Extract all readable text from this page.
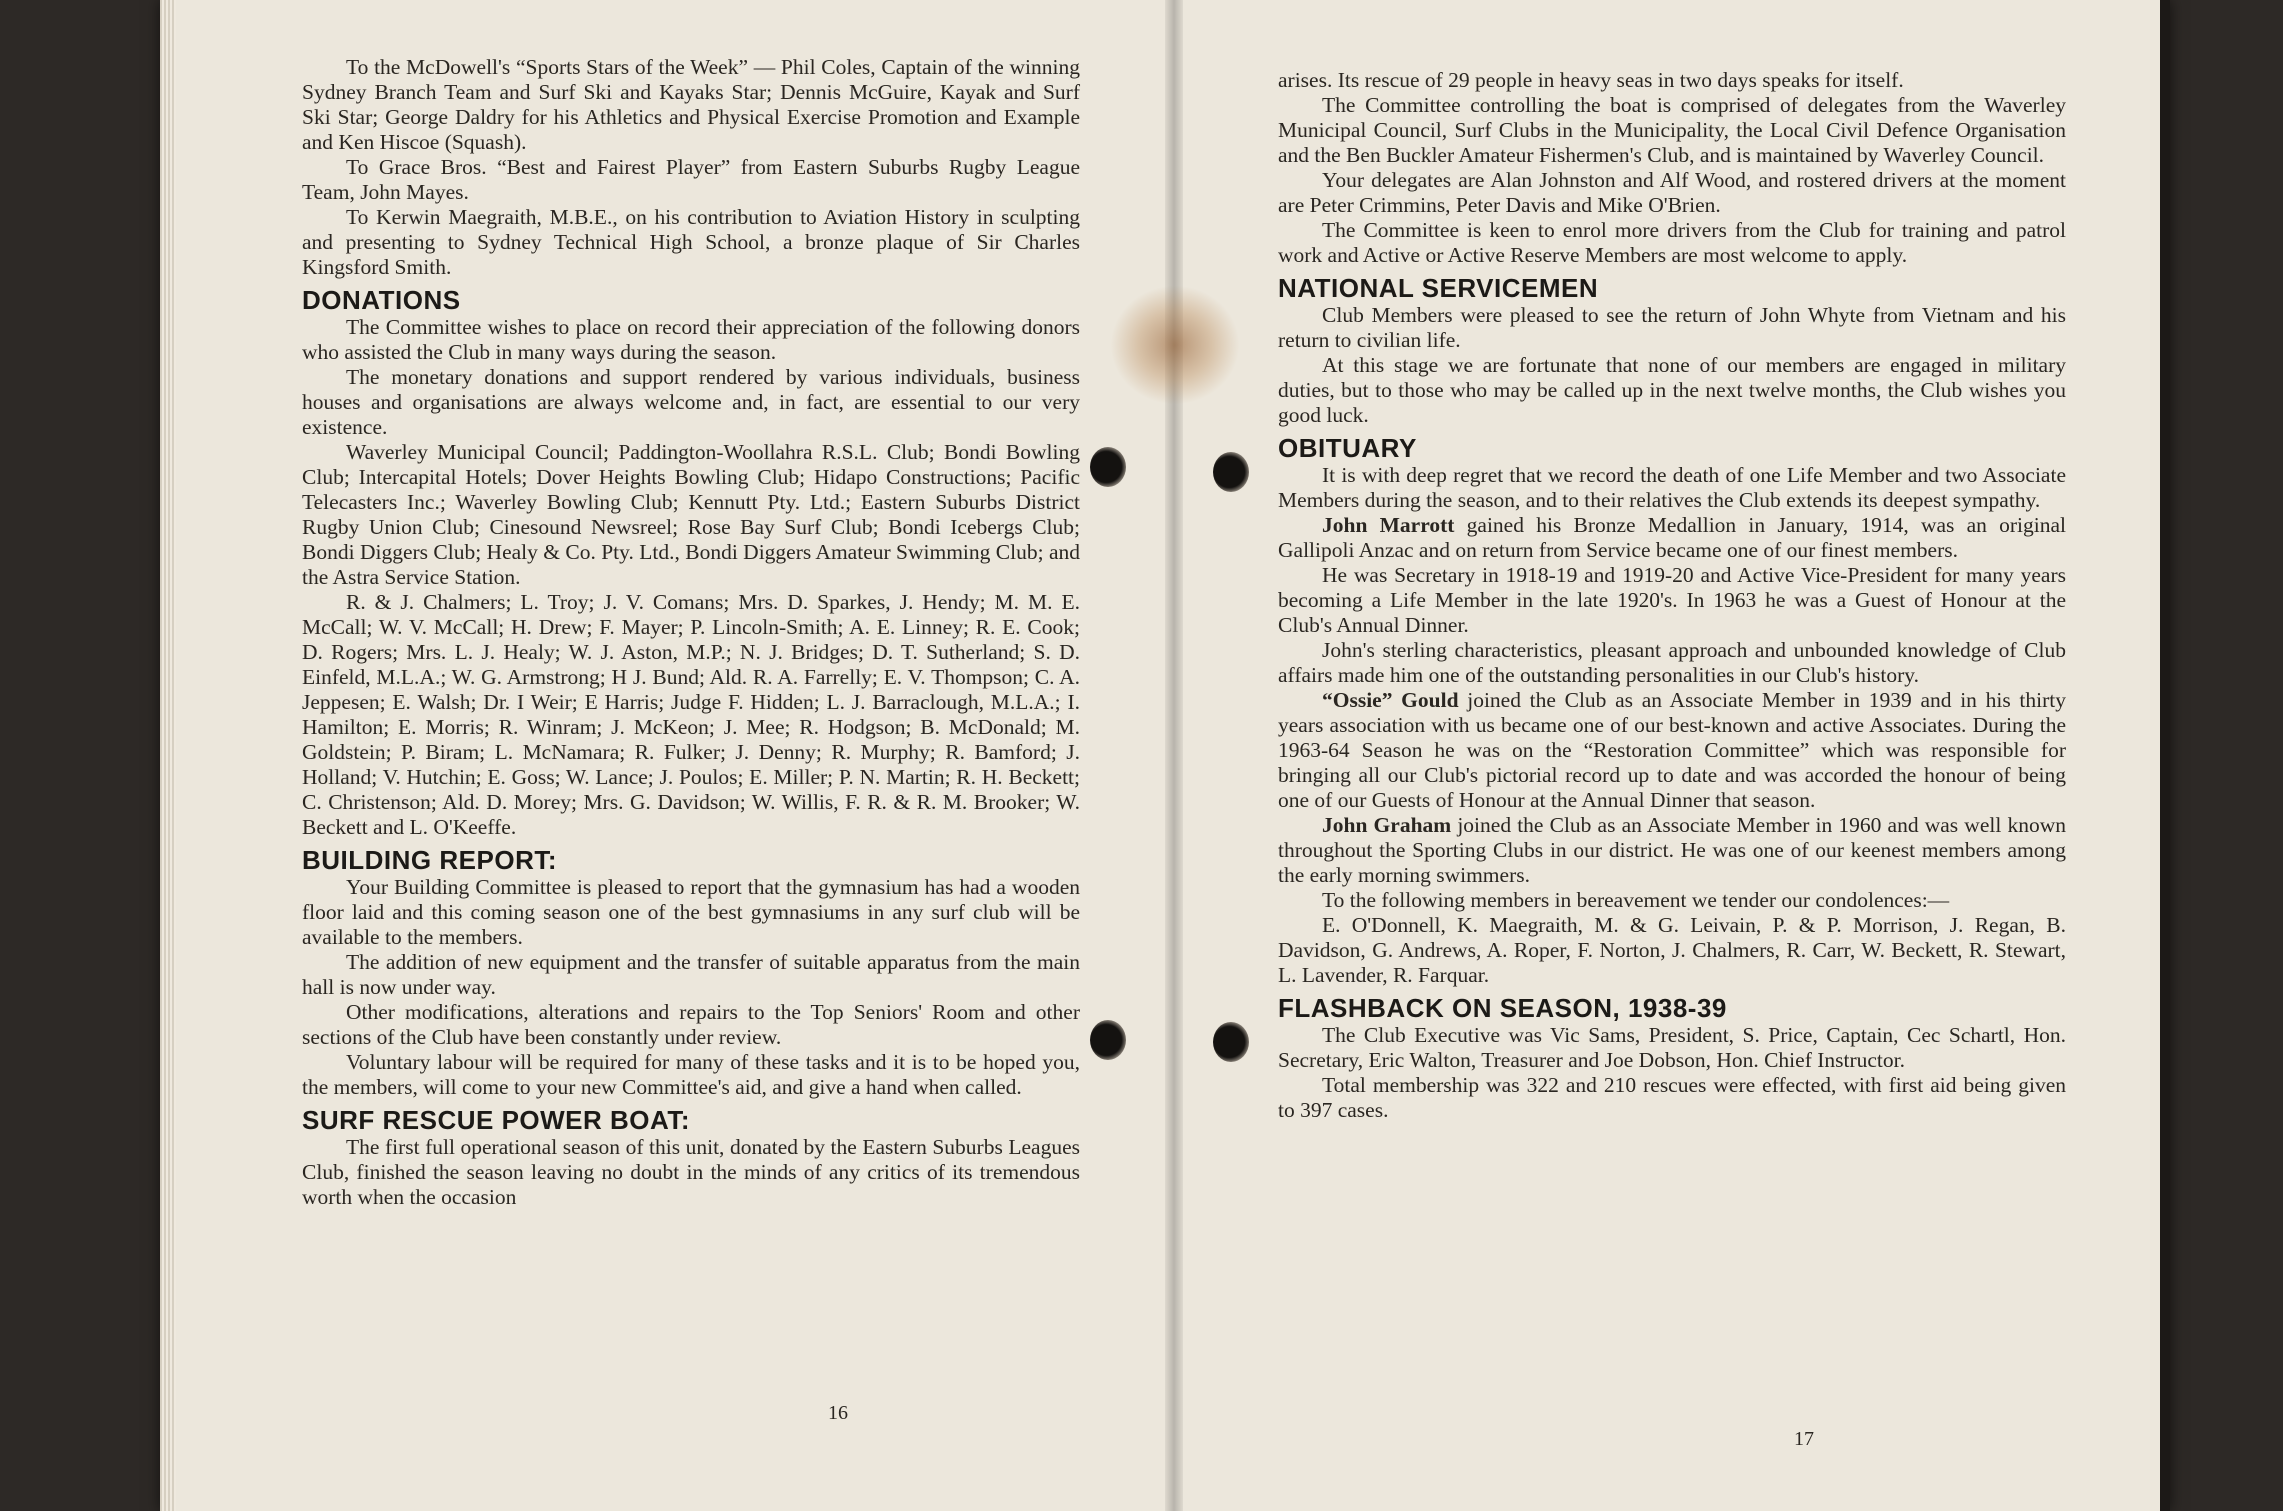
To the McDowell's “Sports Stars of the Week” — Phil Coles, Captain of the winning Sydney Branch Team and Surf Ski and Kayaks Star; Dennis McGuire, Kayak and Surf Ski Star; George Daldry for his Athletics and Physical Exercise Promotion and Example and Ken Hiscoe (Squash).

To Grace Bros. “Best and Fairest Player” from Eastern Suburbs Rugby League Team, John Mayes.

To Kerwin Maegraith, M.B.E., on his contribution to Aviation History in sculpting and presenting to Sydney Technical High School, a bronze plaque of Sir Charles Kingsford Smith.

DONATIONS

The Committee wishes to place on record their appreciation of the following donors who assisted the Club in many ways during the season.

The monetary donations and support rendered by various individuals, business houses and organisations are always welcome and, in fact, are essential to our very existence.

Waverley Municipal Council; Paddington-Woollahra R.S.L. Club; Bondi Bowling Club; Intercapital Hotels; Dover Heights Bowling Club; Hidapo Constructions; Pacific Telecasters Inc.; Waverley Bowling Club; Kennutt Pty. Ltd.; Eastern Suburbs District Rugby Union Club; Cinesound Newsreel; Rose Bay Surf Club; Bondi Icebergs Club; Bondi Diggers Club; Healy & Co. Pty. Ltd., Bondi Diggers Amateur Swimming Club; and the Astra Service Station.

R. & J. Chalmers; L. Troy; J. V. Comans; Mrs. D. Sparkes, J. Hendy; M. M. E. McCall; W. V. McCall; H. Drew; F. Mayer; P. Lincoln-Smith; A. E. Linney; R. E. Cook; D. Rogers; Mrs. L. J. Healy; W. J. Aston, M.P.; N. J. Bridges; D. T. Sutherland; S. D. Einfeld, M.L.A.; W. G. Armstrong; H J. Bund; Ald. R. A. Farrelly; E. V. Thompson; C. A. Jeppesen; E. Walsh; Dr. I Weir; E Harris; Judge F. Hidden; L. J. Barraclough, M.L.A.; I. Hamilton; E. Morris; R. Winram; J. McKeon; J. Mee; R. Hodgson; B. McDonald; M. Goldstein; P. Biram; L. McNamara; R. Fulker; J. Denny; R. Murphy; R. Bamford; J. Holland; V. Hutchin; E. Goss; W. Lance; J. Poulos; E. Miller; P. N. Martin; R. H. Beckett; C. Christenson; Ald. D. Morey; Mrs. G. Davidson; W. Willis, F. R. & R. M. Brooker; W. Beckett and L. O'Keeffe.

BUILDING REPORT:

Your Building Committee is pleased to report that the gymnasium has had a wooden floor laid and this coming season one of the best gymnasiums in any surf club will be available to the members.

The addition of new equipment and the transfer of suitable apparatus from the main hall is now under way.

Other modifications, alterations and repairs to the Top Seniors' Room and other sections of the Club have been constantly under review.

Voluntary labour will be required for many of these tasks and it is to be hoped you, the members, will come to your new Committee's aid, and give a hand when called.

SURF RESCUE POWER BOAT:

The first full operational season of this unit, donated by the Eastern Suburbs Leagues Club, finished the season leaving no doubt in the minds of any critics of its tremendous worth when the occasion

16

arises. Its rescue of 29 people in heavy seas in two days speaks for itself.

The Committee controlling the boat is comprised of delegates from the Waverley Municipal Council, Surf Clubs in the Municipality, the Local Civil Defence Organisation and the Ben Buckler Amateur Fishermen's Club, and is maintained by Waverley Council.

Your delegates are Alan Johnston and Alf Wood, and rostered drivers at the moment are Peter Crimmins, Peter Davis and Mike O'Brien.

The Committee is keen to enrol more drivers from the Club for training and patrol work and Active or Active Reserve Members are most welcome to apply.

NATIONAL SERVICEMEN

Club Members were pleased to see the return of John Whyte from Vietnam and his return to civilian life.

At this stage we are fortunate that none of our members are engaged in military duties, but to those who may be called up in the next twelve months, the Club wishes you good luck.

OBITUARY

It is with deep regret that we record the death of one Life Member and two Associate Members during the season, and to their relatives the Club extends its deepest sympathy.

John Marrott gained his Bronze Medallion in January, 1914, was an original Gallipoli Anzac and on return from Service became one of our finest members.

He was Secretary in 1918-19 and 1919-20 and Active Vice-President for many years becoming a Life Member in the late 1920's. In 1963 he was a Guest of Honour at the Club's Annual Dinner.

John's sterling characteristics, pleasant approach and unbounded knowledge of Club affairs made him one of the outstanding personalities in our Club's history.

“Ossie” Gould joined the Club as an Associate Member in 1939 and in his thirty years association with us became one of our best-known and active Associates. During the 1963-64 Season he was on the “Restoration Committee” which was responsible for bringing all our Club's pictorial record up to date and was accorded the honour of being one of our Guests of Honour at the Annual Dinner that season.

John Graham joined the Club as an Associate Member in 1960 and was well known throughout the Sporting Clubs in our district. He was one of our keenest members among the early morning swimmers.

To the following members in bereavement we tender our condolences:—

E. O'Donnell, K. Maegraith, M. & G. Leivain, P. & P. Morrison, J. Regan, B. Davidson, G. Andrews, A. Roper, F. Norton, J. Chalmers, R. Carr, W. Beckett, R. Stewart, L. Lavender, R. Farquar.

FLASHBACK ON SEASON, 1938-39

The Club Executive was Vic Sams, President, S. Price, Captain, Cec Schartl, Hon. Secretary, Eric Walton, Treasurer and Joe Dobson, Hon. Chief Instructor.

Total membership was 322 and 210 rescues were effected, with first aid being given to 397 cases.

17
